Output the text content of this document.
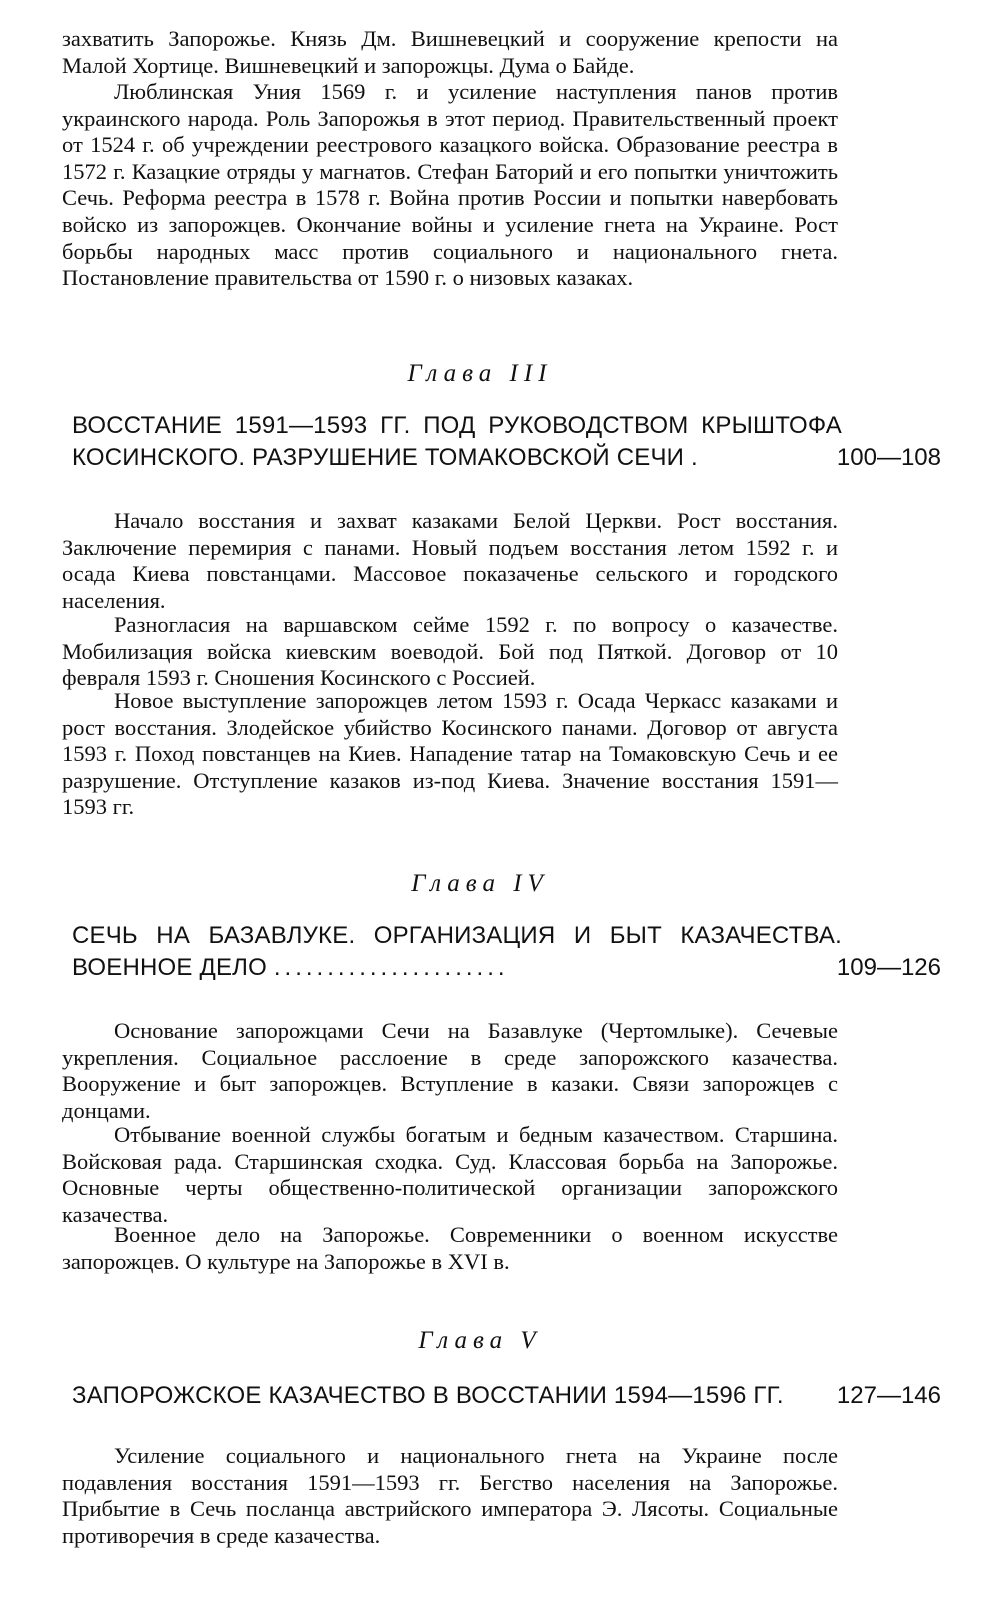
захватить Запорожье. Князь Дм. Вишневецкий и сооружение крепости на Малой Хортице. Вишневецкий и запорожцы. Дума о Байде.

Люблинская Уния 1569 г. и усиление наступления панов против украинского народа. Роль Запорожья в этот период. Правительственный проект от 1524 г. об учреждении реестрового казацкого войска. Образование реестра в 1572 г. Казацкие отряды у магнатов. Стефан Баторий и его попытки уничтожить Сечь. Реформа реестра в 1578 г. Война против России и попытки навербовать войско из запорожцев. Окончание войны и усиление гнета на Украине. Рост борьбы народных масс против социального и национального гнета. Постановление правительства от 1590 г. о низовых казаках.

Глава III

ВОССТАНИЕ 1591—1593 ГГ. ПОД РУКОВОДСТВОМ КРЫШТОФА КОСИНСКОГО. РАЗРУШЕНИЕ ТОМАКОВСКОЙ СЕЧИ .	100—108

Начало восстания и захват казаками Белой Церкви. Рост восстания. Заключение перемирия с панами. Новый подъем восстания летом 1592 г. и осада Киева повстанцами. Массовое показаченье сельского и городского населения.

Разногласия на варшавском сейме 1592 г. по вопросу о казачестве. Мобилизация войска киевским воеводой. Бой под Пяткой. Договор от 10 февраля 1593 г. Сношения Косинского с Россией.

Новое выступление запорожцев летом 1593 г. Осада Черкасс казаками и рост восстания. Злодейское убийство Косинского панами. Договор от августа 1593 г. Поход повстанцев на Киев. Нападение татар на Томаковскую Сечь и ее разрушение. Отступление казаков из-под Киева. Значение восстания 1591—1593 гг.

Глава IV

СЕЧЬ НА БАЗАВЛУКЕ. ОРГАНИЗАЦИЯ И БЫТ КАЗАЧЕСТВА. ВОЕННОЕ ДЕЛО ......................	109—126

Основание запорожцами Сечи на Базавлуке (Чертомлыке). Сечевые укрепления. Социальное расслоение в среде запорожского казачества. Вооружение и быт запорожцев. Вступление в казаки. Связи запорожцев с донцами.

Отбывание военной службы богатым и бедным казачеством. Старшина. Войсковая рада. Старшинская сходка. Суд. Классовая борьба на Запорожье. Основные черты общественно-политической организации запорожского казачества.

Военное дело на Запорожье. Современники о военном искусстве запорожцев. О культуре на Запорожье в XVI в.

Глава V

ЗАПОРОЖСКОЕ КАЗАЧЕСТВО В ВОССТАНИИ 1594—1596 ГГ.	127—146

Усиление социального и национального гнета на Украине после подавления восстания 1591—1593 гг. Бегство населения на Запорожье. Прибытие в Сечь посланца австрийского императора Э. Лясоты. Социальные противоречия в среде казачества.
